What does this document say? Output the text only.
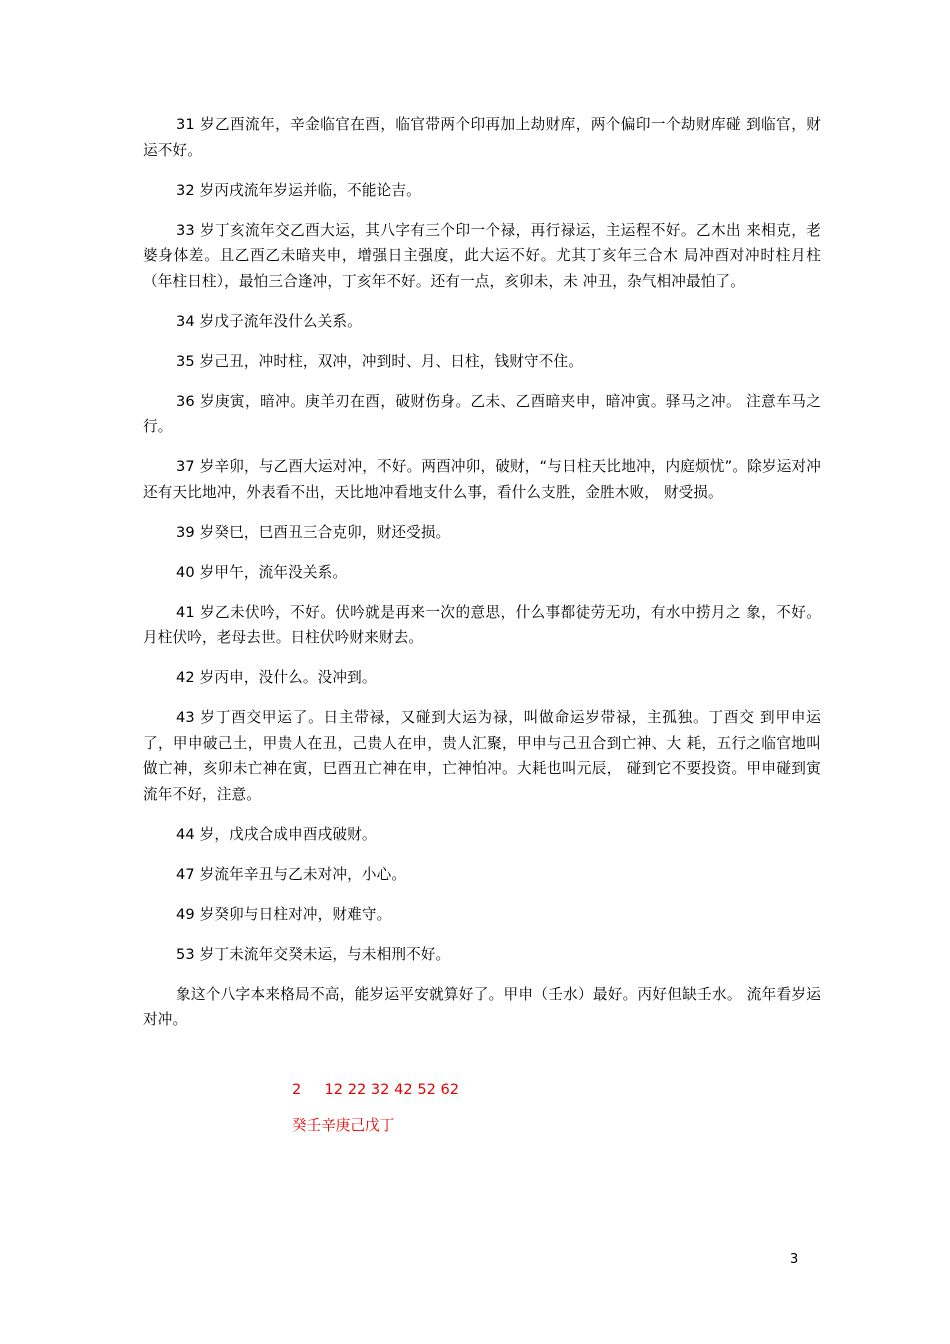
31 岁乙酉流年，辛金临官在酉，临官带两个印再加上劫财库，两个偏印一个劫财库碰 到临官，财运不好。

32 岁丙戌流年岁运并临，不能论吉。

33 岁丁亥流年交乙酉大运，其八字有三个印一个禄，再行禄运，主运程不好。乙木出 来相克，老婆身体差。且乙酉乙未暗夹申，增强日主强度，此大运不好。尤其丁亥年三合木 局冲酉对冲时柱月柱（年柱日柱），最怕三合逢冲，丁亥年不好。还有一点，亥卯未，未 冲丑，杂气相冲最怕了。

34 岁戊子流年没什么关系。

35 岁己丑，冲时柱，双冲，冲到时、月、日柱，钱财守不住。

36 岁庚寅，暗冲。庚羊刃在酉，破财伤身。乙未、乙酉暗夹申，暗冲寅。驿马之冲。 注意车马之行。

37 岁辛卯，与乙酉大运对冲，不好。两酉冲卯，破财，“与日柱天比地冲，内庭烦忧”。除岁运对冲还有天比地冲，外表看不出，天比地冲看地支什么事，看什么支胜，金胜木败， 财受损。

39 岁癸巳，巳酉丑三合克卯，财还受损。

40 岁甲午，流年没关系。

41 岁乙未伏吟，不好。伏吟就是再来一次的意思，什么事都徒劳无功，有水中捞月之 象，不好。月柱伏吟，老母去世。日柱伏吟财来财去。

42 岁丙申，没什么。没冲到。

43 岁丁酉交甲运了。日主带禄，又碰到大运为禄，叫做命运岁带禄，主孤独。丁酉交 到甲申运了，甲申破己土，甲贵人在丑，己贵人在申，贵人汇聚，甲申与己丑合到亡神、大 耗，五行之临官地叫做亡神，亥卯未亡神在寅，巳酉丑亡神在申，亡神怕冲。大耗也叫元辰， 碰到它不要投资。甲申碰到寅流年不好，注意。

44 岁，戊戌合成申酉戌破财。

47 岁流年辛丑与乙未对冲，小心。

49 岁癸卯与日柱对冲，财难守。

53 岁丁未流年交癸未运，与未相刑不好。

象这个八字本来格局不高，能岁运平安就算好了。甲申（壬水）最好。丙好但缺壬水。 流年看岁运对冲。

2     12 22 32 42 52 62
癸壬辛庚己戊丁
3
